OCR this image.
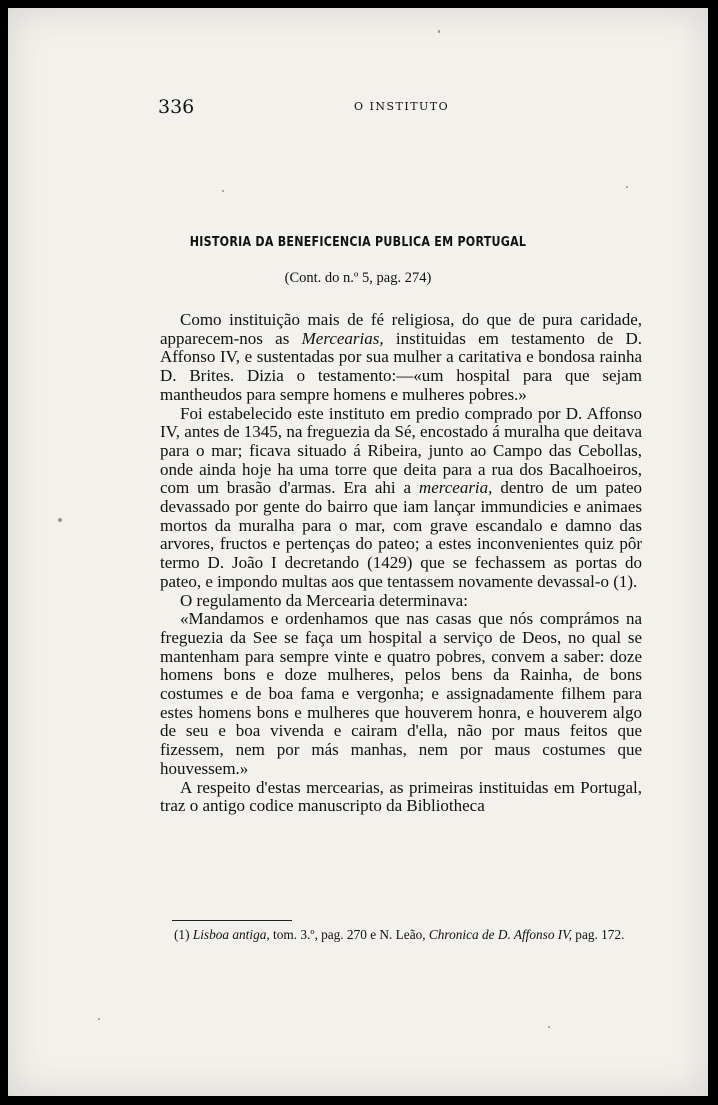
336	O INSTITUTO
HISTORIA DA BENEFICENCIA PUBLICA EM PORTUGAL
(Cont. do n.º 5, pag. 274)

Como instituição mais de fé religiosa, do que de pura caridade, apparecem-nos as Mercearias, instituidas em testamento de D. Affonso IV, e sustentadas por sua mulher a caritativa e bondosa rainha D. Brites. Dizia o testamento:—«um hospital para que sejam mantheudos para sempre homens e mulheres pobres.»

Foi estabelecido este instituto em predio comprado por D. Affonso IV, antes de 1345, na freguezia da Sé, encostado á muralha que deitava para o mar; ficava situado á Ribeira, junto ao Campo das Cebollas, onde ainda hoje ha uma torre que deita para a rua dos Bacalhoeiros, com um brasão d'armas. Era ahi a mercearia, dentro de um pateo devassado por gente do bairro que iam lançar immundicies e animaes mortos da muralha para o mar, com grave escandalo e damno das arvores, fructos e pertenças do pateo; a estes inconvenientes quiz pôr termo D. João I decretando (1429) que se fechassem as portas do pateo, e impondo multas aos que tentassem novamente devassal-o (1).

O regulamento da Mercearia determinava:

«Mandamos e ordenhamos que nas casas que nós comprámos na freguezia da See se faça um hospital a serviço de Deos, no qual se mantenham para sempre vinte e quatro pobres, convem a saber: doze homens bons e doze mulheres, pelos bens da Rainha, de bons costumes e de boa fama e vergonha; e assignadamente filhem para estes homens bons e mulheres que houverem honra, e houverem algo de seu e boa vivenda e cairam d'ella, não por maus feitos que fizessem, nem por más manhas, nem por maus costumes que houvessem.»

A respeito d'estas mercearias, as primeiras instituidas em Portugal, traz o antigo codice manuscripto da Bibliotheca

(1) Lisboa antiga, tom. 3.º, pag. 270 e N. Leão, Chronica de D. Affonso IV, pag. 172.
